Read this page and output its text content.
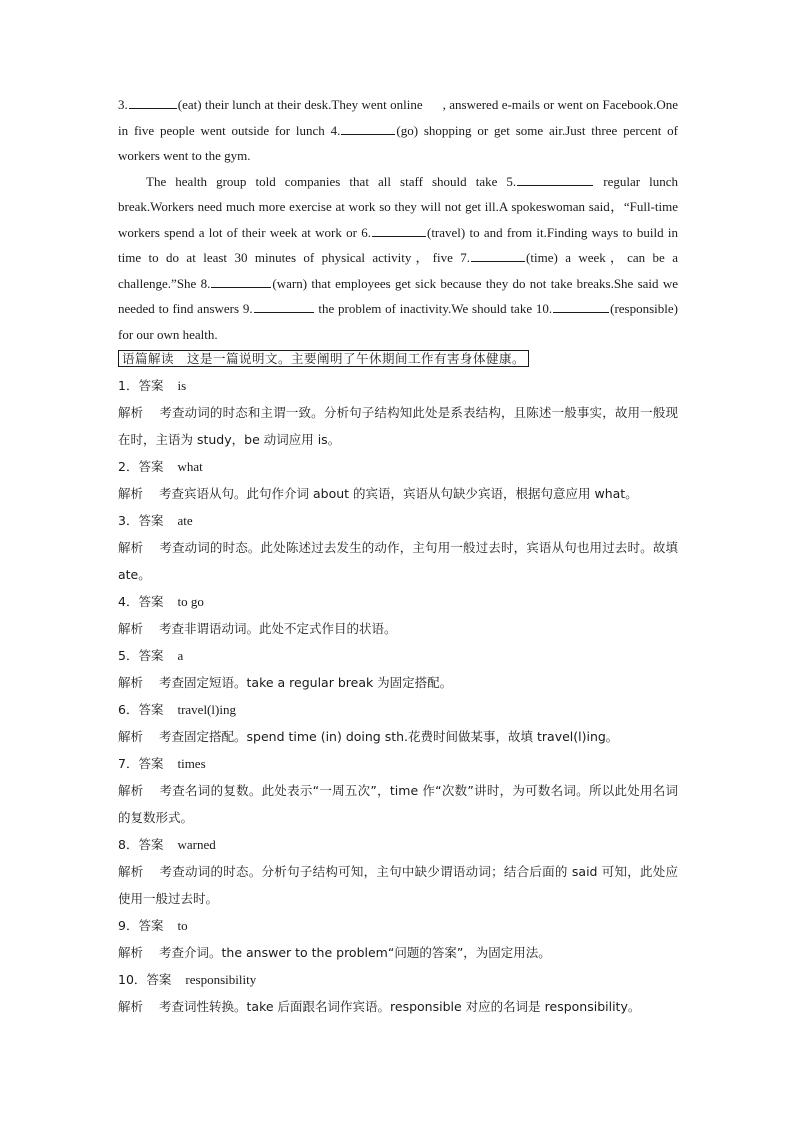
3.	(eat) their lunch at their desk.They went online , answered e-mails or went on Facebook.One in five people went outside for lunch 4.	(go) shopping or get some air.Just three percent of workers went to the gym.

The health group told companies that all staff should take 5.	regular lunch break.Workers need much more exercise at work so they will not get ill.A spokeswoman said，“Full-time workers spend a lot of their week at work or 6.	(travel) to and from it.Finding ways to build in time to do at least 30 minutes of physical activity，five 7.	(time) a week，can be a challenge.”She 8.	(warn) that employees get sick because they do not take breaks.She said we needed to find answers 9.	the problem of inactivity.We should take 10.	(responsible) for our own health.

语篇解读　这是一篇说明文。主要阐明了午休期间工作有害身体健康。

1．答案 is

解析 考查动词的时态和主谓一致。分析句子结构知此处是系表结构，且陈述一般事实，故用一般现在时，主语为 study，be 动词应用 is。

2．答案 what

解析 考查宾语从句。此句作介词 about 的宾语，宾语从句缺少宾语，根据句意应用 what。

3．答案 ate

解析 考查动词的时态。此处陈述过去发生的动作，主句用一般过去时，宾语从句也用过去时。故填 ate。

4．答案 to go

解析 考查非谓语动词。此处不定式作目的状语。

5．答案 a

解析 考查固定短语。take a regular break 为固定搭配。

6．答案 travel(l)ing

解析 考查固定搭配。spend time (in) doing sth.花费时间做某事，故填 travel(l)ing。

7．答案 times

解析 考查名词的复数。此处表示“一周五次”，time 作“次数”讲时，为可数名词。所以此处用名词的复数形式。

8．答案 warned

解析 考查动词的时态。分析句子结构可知，主句中缺少谓语动词；结合后面的 said 可知，此处应使用一般过去时。

9．答案 to

解析 考查介词。the answer to the problem“问题的答案”，为固定用法。

10．答案 responsibility

解析 考查词性转换。take 后面跟名词作宾语。responsible 对应的名词是 responsibility。
